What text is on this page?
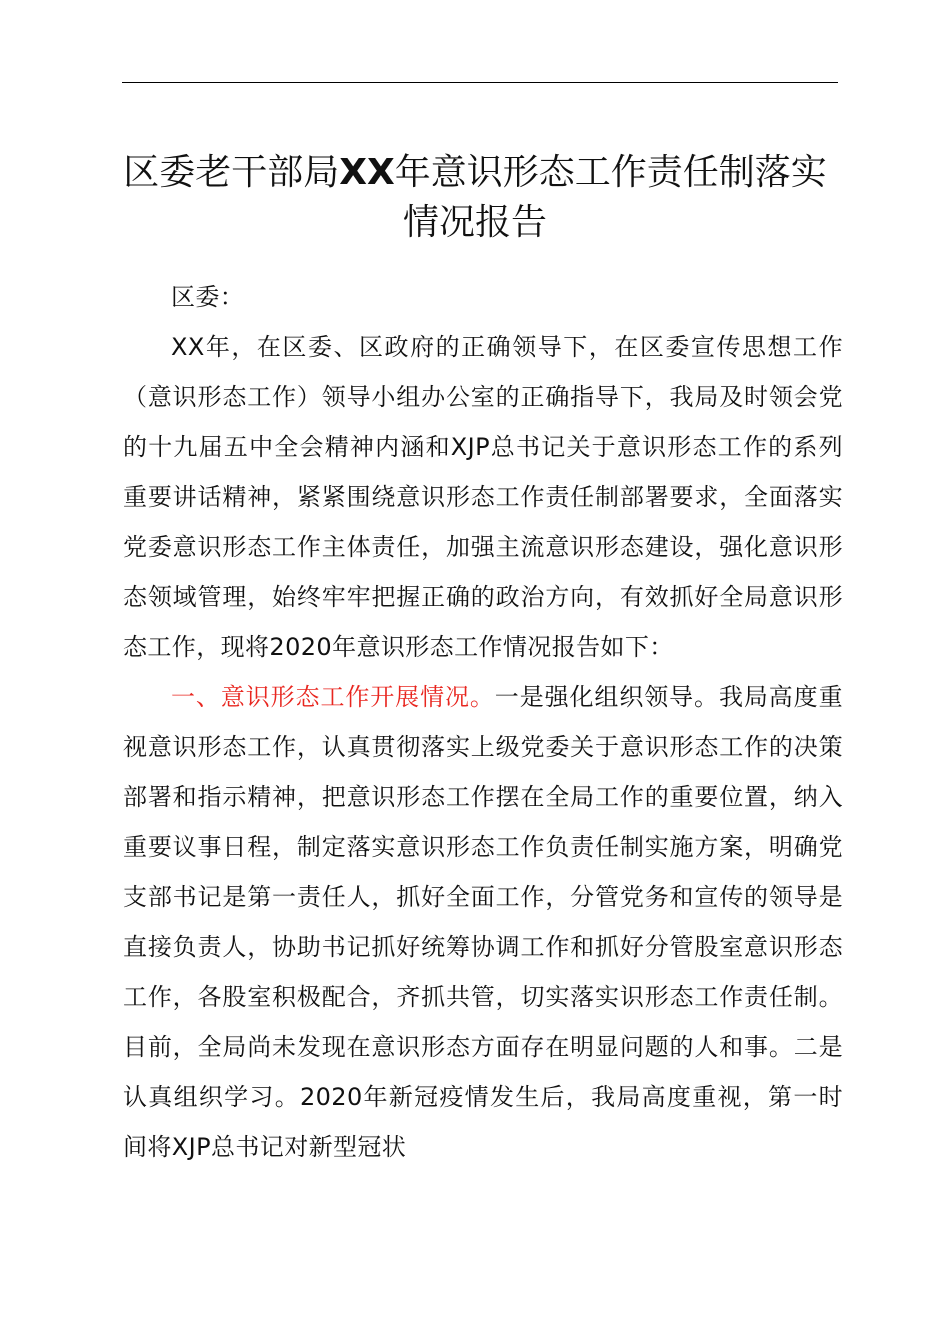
区委老干部局XX年意识形态工作责任制落实情况报告

区委：

XX年，在区委、区政府的正确领导下，在区委宣传思想工作（意识形态工作）领导小组办公室的正确指导下，我局及时领会党的十九届五中全会精神内涵和XJP总书记关于意识形态工作的系列重要讲话精神，紧紧围绕意识形态工作责任制部署要求，全面落实党委意识形态工作主体责任，加强主流意识形态建设，强化意识形态领域管理，始终牢牢把握正确的政治方向，有效抓好全局意识形态工作，现将2020年意识形态工作情况报告如下：

一、意识形态工作开展情况。一是强化组织领导。我局高度重视意识形态工作，认真贯彻落实上级党委关于意识形态工作的决策部署和指示精神，把意识形态工作摆在全局工作的重要位置，纳入重要议事日程，制定落实意识形态工作负责任制实施方案，明确党支部书记是第一责任人，抓好全面工作，分管党务和宣传的领导是直接负责人，协助书记抓好统筹协调工作和抓好分管股室意识形态工作，各股室积极配合，齐抓共管，切实落实识形态工作责任制。目前，全局尚未发现在意识形态方面存在明显问题的人和事。二是认真组织学习。2020年新冠疫情发生后，我局高度重视，第一时间将XJP总书记对新型冠状
